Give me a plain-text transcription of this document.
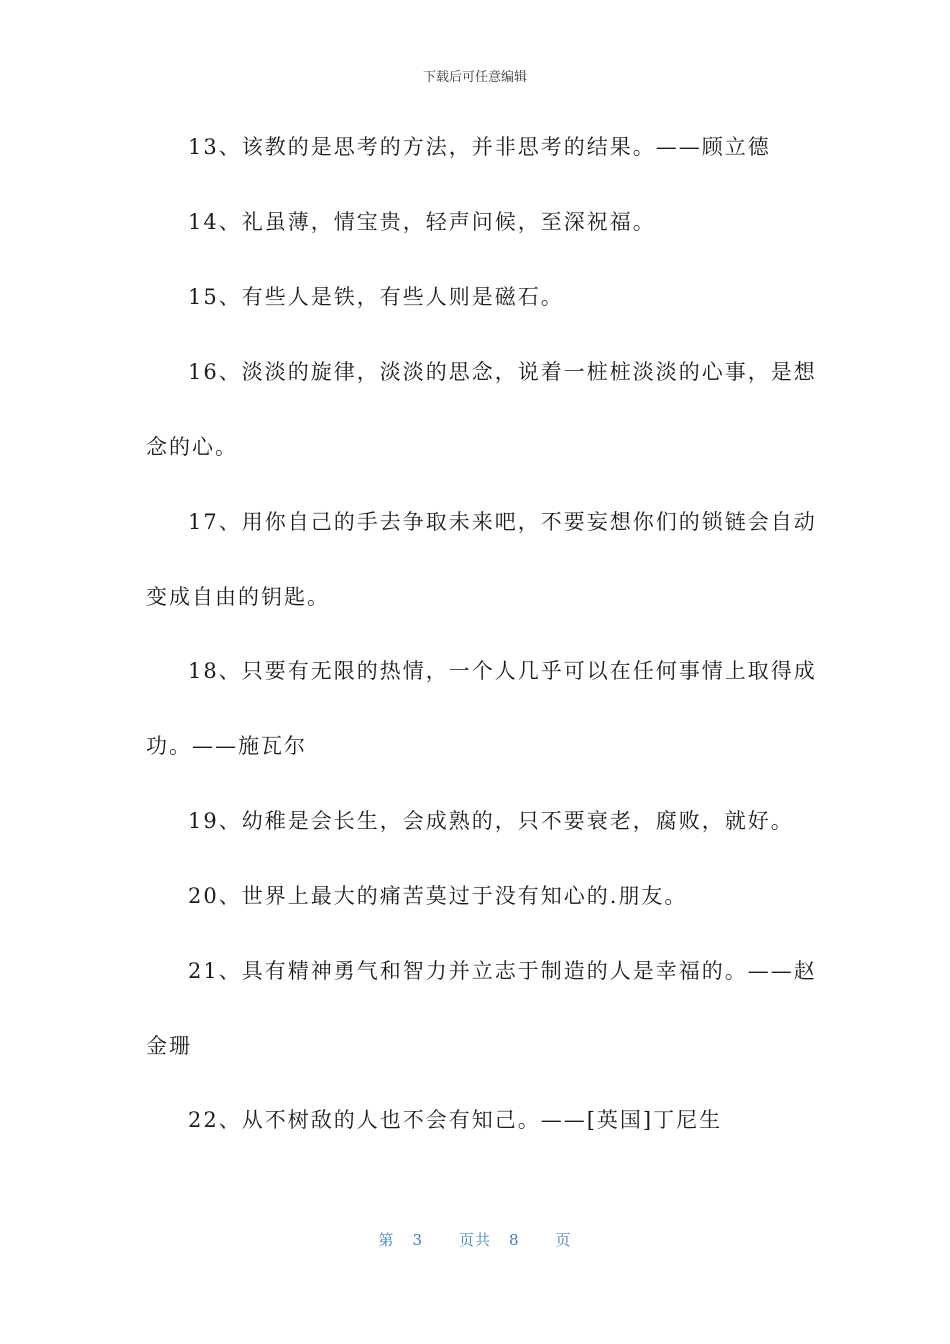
下载后可任意编辑
13、该教的是思考的方法，并非思考的结果。——顾立德
14、礼虽薄，情宝贵，轻声问候，至深祝福。
15、有些人是铁，有些人则是磁石。
16、淡淡的旋律，淡淡的思念，说着一桩桩淡淡的心事，是想
念的心。
17、用你自己的手去争取未来吧，不要妄想你们的锁链会自动
变成自由的钥匙。
18、只要有无限的热情，一个人几乎可以在任何事情上取得成
功。——施瓦尔
19、幼稚是会长生，会成熟的，只不要衰老，腐败，就好。
20、世界上最大的痛苦莫过于没有知心的.朋友。
21、具有精神勇气和智力并立志于制造的人是幸福的。——赵
金珊
22、从不树敌的人也不会有知己。——[英国]丁尼生
第 3 页共 8 页
